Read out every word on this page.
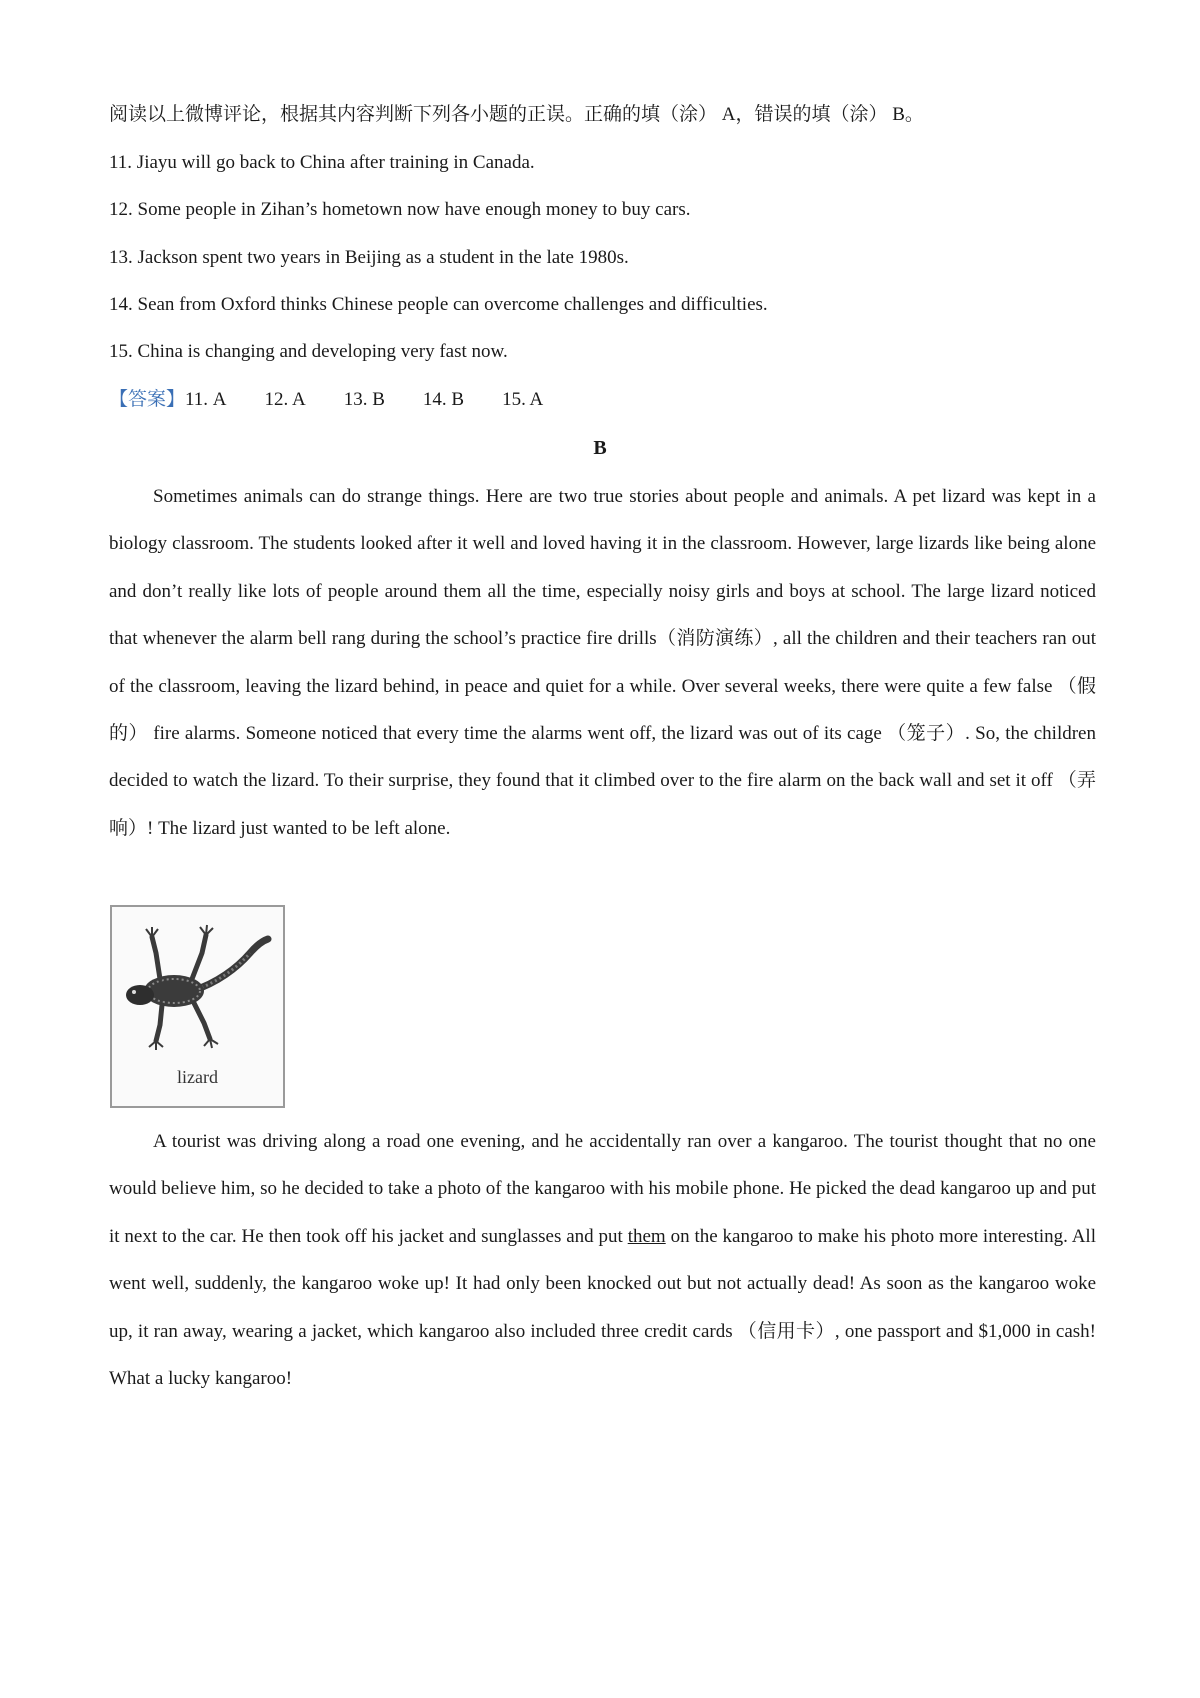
阅读以上微博评论，根据其内容判断下列各小题的正误。正确的填（涂） A，错误的填（涂） B。
11. Jiayu will go back to China after training in Canada.
12. Some people in Zihan’s hometown now have enough money to buy cars.
13. Jackson spent two years in Beijing as a student in the late 1980s.
14. Sean from Oxford thinks Chinese people can overcome challenges and difficulties.
15. China is changing and developing very fast now.
【答案】11. A 12. A 13. B 14. B 15. A
B

Sometimes animals can do strange things. Here are two true stories about people and animals. A pet lizard was kept in a biology classroom. The students looked after it well and loved having it in the classroom. However, large lizards like being alone and don’t really like lots of people around them all the time, especially noisy girls and boys at school. The large lizard noticed that whenever the alarm bell rang during the school’s practice fire drills（消防演练）, all the children and their teachers ran out of the classroom, leaving the lizard behind, in peace and quiet for a while. Over several weeks, there were quite a few false （假的） fire alarms. Someone noticed that every time the alarms went off, the lizard was out of its cage （笼子）. So, the children decided to watch the lizard. To their surprise, they found that it climbed over to the fire alarm on the back wall and set it off （弄响）! The lizard just wanted to be left alone.

lizard

A tourist was driving along a road one evening, and he accidentally ran over a kangaroo. The tourist thought that no one would believe him, so he decided to take a photo of the kangaroo with his mobile phone. He picked the dead kangaroo up and put it next to the car. He then took off his jacket and sunglasses and put them on the kangaroo to make his photo more interesting. All went well, suddenly, the kangaroo woke up! It had only been knocked out but not actually dead! As soon as the kangaroo woke up, it ran away, wearing a jacket, which kangaroo also included three credit cards （信用卡）, one passport and $1,000 in cash! What a lucky kangaroo!
